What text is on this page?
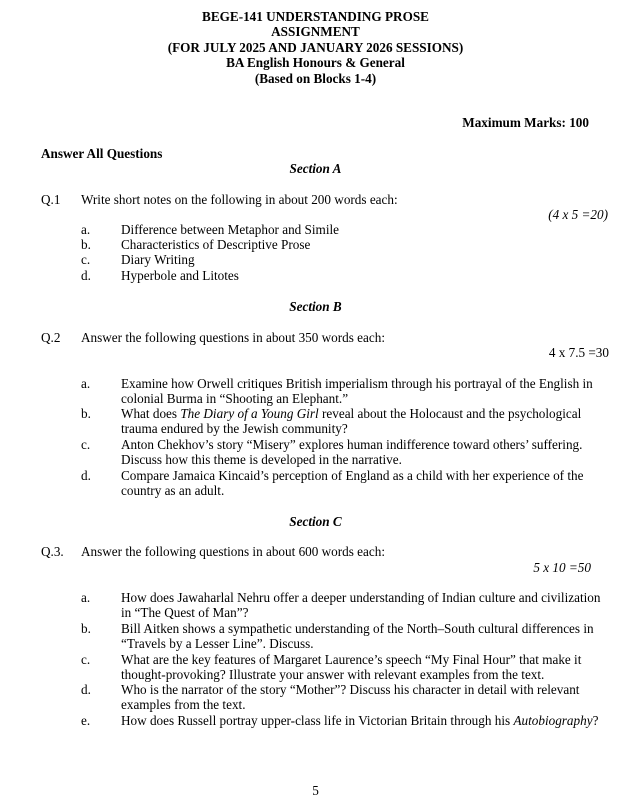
BEGE-141 UNDERSTANDING PROSE
ASSIGNMENT
(FOR JULY 2025 AND JANUARY 2026 SESSIONS)
BA English Honours & General
(Based on Blocks 1-4)
Maximum Marks: 100
Answer All Questions
Section A
Q.1 Write short notes on the following in about 200 words each:
(4 x 5 =20)
a. Difference between Metaphor and Simile
b. Characteristics of Descriptive Prose
c. Diary Writing
d. Hyperbole and Litotes
Section B
Q.2 Answer the following questions in about 350 words each:
4 x 7.5 =30
a. Examine how Orwell critiques British imperialism through his portrayal of the English in colonial Burma in “Shooting an Elephant.”
b. What does The Diary of a Young Girl reveal about the Holocaust and the psychological trauma endured by the Jewish community?
c. Anton Chekhov’s story “Misery” explores human indifference toward others’ suffering. Discuss how this theme is developed in the narrative.
d. Compare Jamaica Kincaid’s perception of England as a child with her experience of the country as an adult.
Section C
Q.3. Answer the following questions in about 600 words each:
5 x 10 =50
a. How does Jawaharlal Nehru offer a deeper understanding of Indian culture and civilization in “The Quest of Man”?
b. Bill Aitken shows a sympathetic understanding of the North–South cultural differences in “Travels by a Lesser Line”. Discuss.
c. What are the key features of Margaret Laurence’s speech “My Final Hour” that make it thought-provoking? Illustrate your answer with relevant examples from the text.
d. Who is the narrator of the story “Mother”? Discuss his character in detail with relevant examples from the text.
e. How does Russell portray upper-class life in Victorian Britain through his Autobiography?
5
